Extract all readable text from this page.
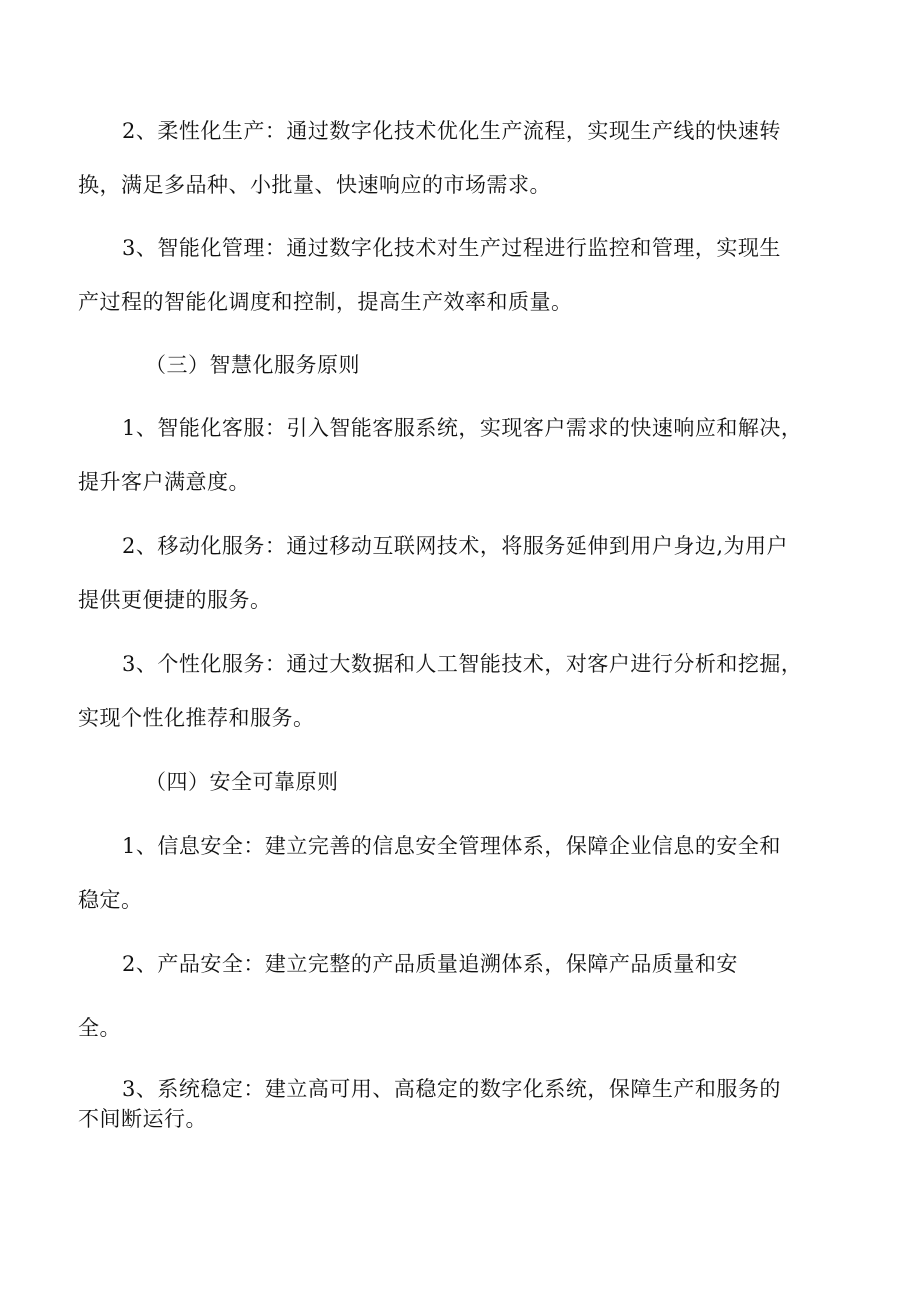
2、柔性化生产：通过数字化技术优化生产流程，实现生产线的快速转
换，满足多品种、小批量、快速响应的市场需求。
3、智能化管理：通过数字化技术对生产过程进行监控和管理，实现生
产过程的智能化调度和控制，提高生产效率和质量。
（三）智慧化服务原则
1、智能化客服：引入智能客服系统，实现客户需求的快速响应和解决，
提升客户满意度。
2、移动化服务：通过移动互联网技术，将服务延伸到用户身边,为用户
提供更便捷的服务。
3、个性化服务：通过大数据和人工智能技术，对客户进行分析和挖掘，
实现个性化推荐和服务。
（四）安全可靠原则
1、信息安全：建立完善的信息安全管理体系，保障企业信息的安全和
稳定。
2、产品安全：建立完整的产品质量追溯体系，保障产品质量和安
全。
3、系统稳定：建立高可用、高稳定的数字化系统，保障生产和服务的
不间断运行。
